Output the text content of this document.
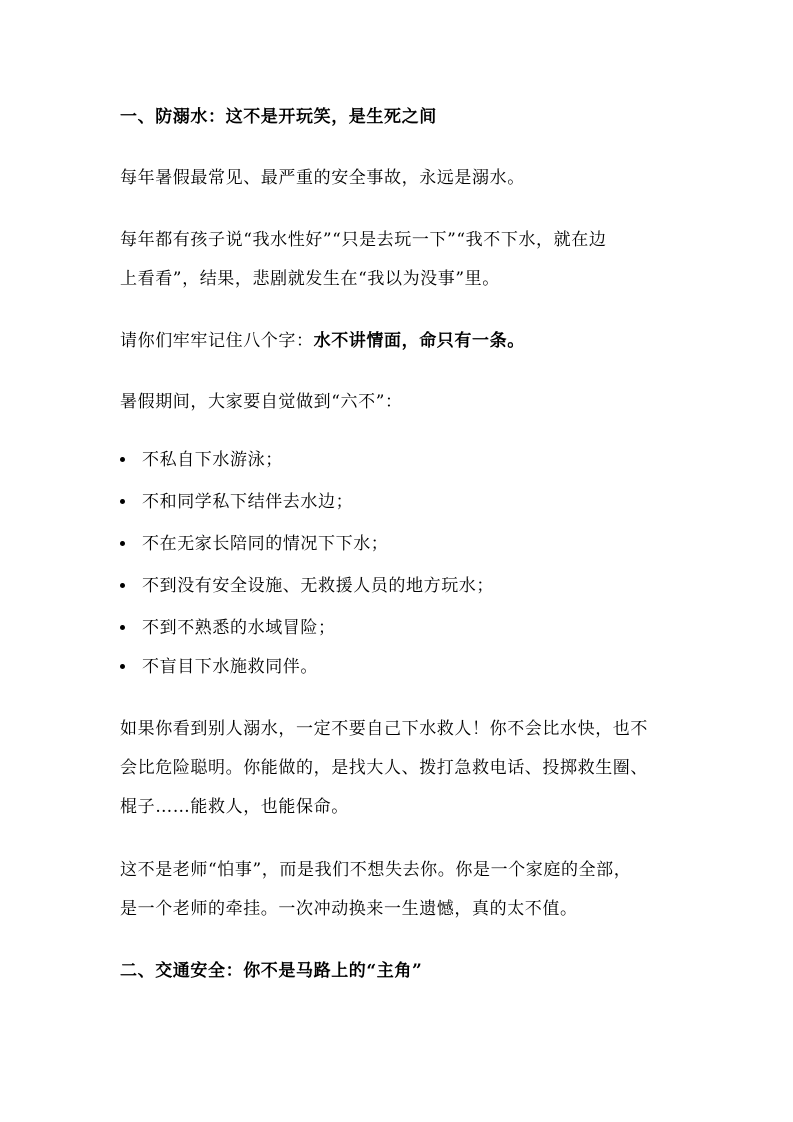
一、防溺水：这不是开玩笑，是生死之间
每年暑假最常见、最严重的安全事故，永远是溺水。
每年都有孩子说“我水性好”“只是去玩一下”“我不下水，就在边
上看看”，结果，悲剧就发生在“我以为没事”里。
请你们牢牢记住八个字：水不讲情面，命只有一条。
暑假期间，大家要自觉做到“六不”：
不私自下水游泳；
不和同学私下结伴去水边；
不在无家长陪同的情况下下水；
不到没有安全设施、无救援人员的地方玩水；
不到不熟悉的水域冒险；
不盲目下水施救同伴。
如果你看到别人溺水，一定不要自己下水救人！你不会比水快，也不
会比危险聪明。你能做的，是找大人、拨打急救电话、投掷救生圈、
棍子……能救人，也能保命。
这不是老师“怕事”，而是我们不想失去你。你是一个家庭的全部，
是一个老师的牵挂。一次冲动换来一生遗憾，真的太不值。
二、交通安全：你不是马路上的“主角”
